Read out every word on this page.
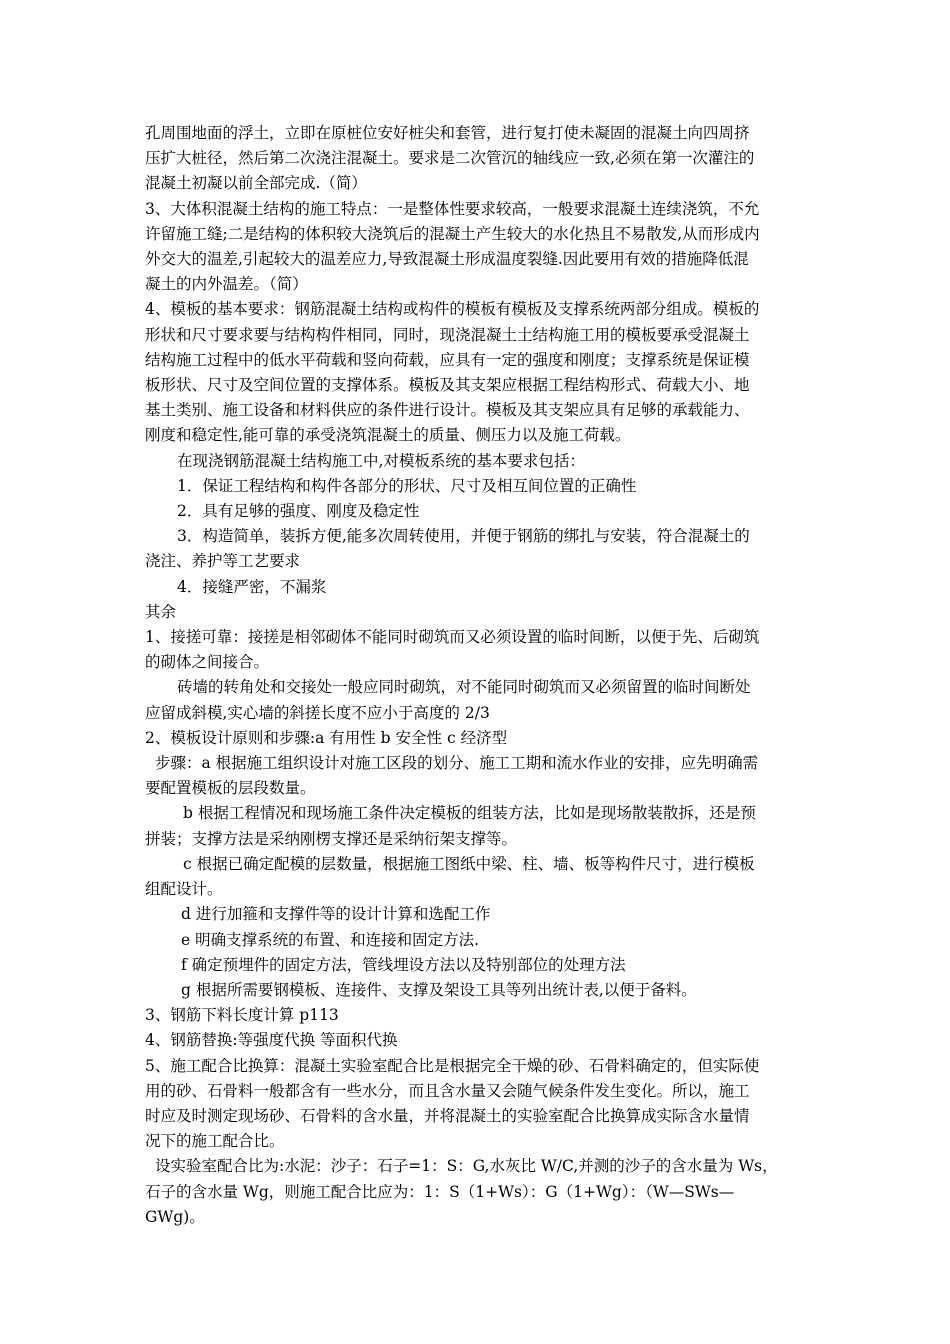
孔周围地面的浮土，立即在原桩位安好桩尖和套管，进行复打使未凝固的混凝土向四周挤
压扩大桩径，然后第二次浇注混凝土。要求是二次管沉的轴线应一致,必须在第一次灌注的
混凝土初凝以前全部完成.（简）
3、大体积混凝土结构的施工特点：一是整体性要求较高，一般要求混凝土连续浇筑，不允
许留施工缝;二是结构的体积较大浇筑后的混凝土产生较大的水化热且不易散发,从而形成内
外交大的温差,引起较大的温差应力,导致混凝土形成温度裂缝.因此要用有效的措施降低混
凝土的内外温差。（简）
4、模板的基本要求：钢筋混凝土结构或构件的模板有模板及支撑系统两部分组成。模板的
形状和尺寸要求要与结构构件相同，同时，现浇混凝土土结构施工用的模板要承受混凝土
结构施工过程中的低水平荷载和竖向荷载，应具有一定的强度和刚度；支撑系统是保证模
板形状、尺寸及空间位置的支撑体系。模板及其支架应根据工程结构形式、荷载大小、地
基土类别、施工设备和材料供应的条件进行设计。模板及其支架应具有足够的承载能力、
刚度和稳定性,能可靠的承受浇筑混凝土的质量、侧压力以及施工荷载。
在现浇钢筋混凝土结构施工中,对模板系统的基本要求包括：
1．保证工程结构和构件各部分的形状、尺寸及相互间位置的正确性
2．具有足够的强度、刚度及稳定性
3．构造简单，装拆方便,能多次周转使用，并便于钢筋的绑扎与安装，符合混凝土的
浇注、养护等工艺要求
4．接缝严密，不漏浆
其余
1、接搓可靠：接搓是相邻砌体不能同时砌筑而又必须设置的临时间断，以便于先、后砌筑
的砌体之间接合。
砖墙的转角处和交接处一般应同时砌筑，对不能同时砌筑而又必须留置的临时间断处
应留成斜模,实心墙的斜搓长度不应小于高度的 2/3
2、模板设计原则和步骤:a 有用性 b 安全性 c 经济型
步骤：a 根据施工组织设计对施工区段的划分、施工工期和流水作业的安排，应先明确需
要配置模板的层段数量。
b 根据工程情况和现场施工条件决定模板的组装方法，比如是现场散装散拆，还是预
拼装；支撑方法是采纳刚楞支撑还是采纳衍架支撑等。
c 根据已确定配模的层数量，根据施工图纸中梁、柱、墙、板等构件尺寸，进行模板
组配设计。
d 进行加箍和支撑件等的设计计算和选配工作
e 明确支撑系统的布置、和连接和固定方法.
f 确定预埋件的固定方法，管线埋设方法以及特别部位的处理方法
g 根据所需要钢模板、连接件、支撑及架设工具等列出统计表,以便于备料。
3、钢筋下料长度计算 p113
4、钢筋替换:等强度代换 等面积代换
5、施工配合比换算：混凝土实验室配合比是根据完全干燥的砂、石骨料确定的，但实际使
用的砂、石骨料一般都含有一些水分，而且含水量又会随气候条件发生变化。所以，施工
时应及时测定现场砂、石骨料的含水量，并将混凝土的实验室配合比换算成实际含水量情
况下的施工配合比。
设实验室配合比为:水泥：沙子：石子=1：S：G,水灰比 W/C,并测的沙子的含水量为 Ws，
石子的含水量 Wg，则施工配合比应为：1：S（1+Ws）：G（1+Wg）：（W—SWs—
GWg)。
